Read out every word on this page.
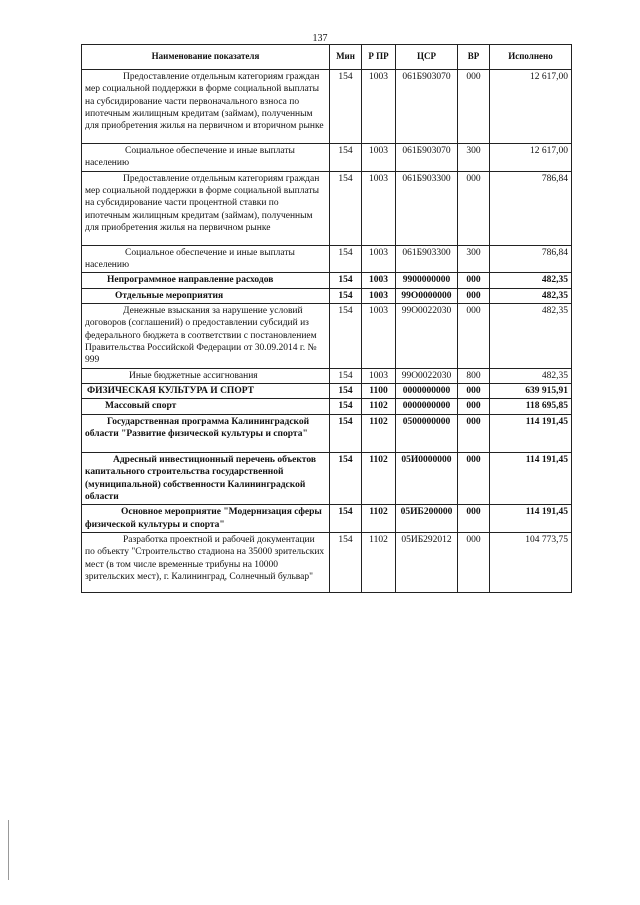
137
Наименование показателя	Мин	Р ПР	ЦСР	ВР	Исполнено
Предоставление отдельным категориям граждан мер социальной поддержки в форме социальной выплаты на субсидирование части первоначального взноса по ипотечным жилищным кредитам (займам), полученным для приобретения жилья на первичном и вторичном рынке	154	1003	061Б903070	000	12 617,00
Социальное обеспечение и иные выплаты населению	154	1003	061Б903070	300	12 617,00
Предоставление отдельным категориям граждан мер социальной поддержки в форме социальной выплаты на субсидирование части процентной ставки по ипотечным жилищным кредитам (займам), полученным для приобретения жилья на первичном рынке	154	1003	061Б903300	000	786,84
Социальное обеспечение и иные выплаты населению	154	1003	061Б903300	300	786,84
Непрограммное направление расходов	154	1003	9900000000	000	482,35
Отдельные мероприятия	154	1003	99О0000000	000	482,35
Денежные взыскания за нарушение условий договоров (соглашений) о предоставлении субсидий из федерального бюджета в соответствии с постановлением Правительства Российской Федерации от 30.09.2014 г. № 999	154	1003	99О0022030	000	482,35
Иные бюджетные ассигнования	154	1003	99О0022030	800	482,35
ФИЗИЧЕСКАЯ КУЛЬТУРА И СПОРТ	154	1100	0000000000	000	639 915,91
Массовый спорт	154	1102	0000000000	000	118 695,85
Государственная программа Калининградской области "Развитие физической культуры и спорта"	154	1102	0500000000	000	114 191,45
Адресный инвестиционный перечень объектов капитального строительства государственной (муниципальной) собственности Калининградской области	154	1102	05И0000000	000	114 191,45
Основное мероприятие "Модернизация сферы физической культуры и спорта"	154	1102	05ИБ200000	000	114 191,45
Разработка проектной и рабочей документации по объекту "Строительство стадиона на 35000 зрительских мест (в том числе временные трибуны на 10000 зрительских мест), г. Калининград, Солнечный бульвар"	154	1102	05ИБ292012	000	104 773,75
